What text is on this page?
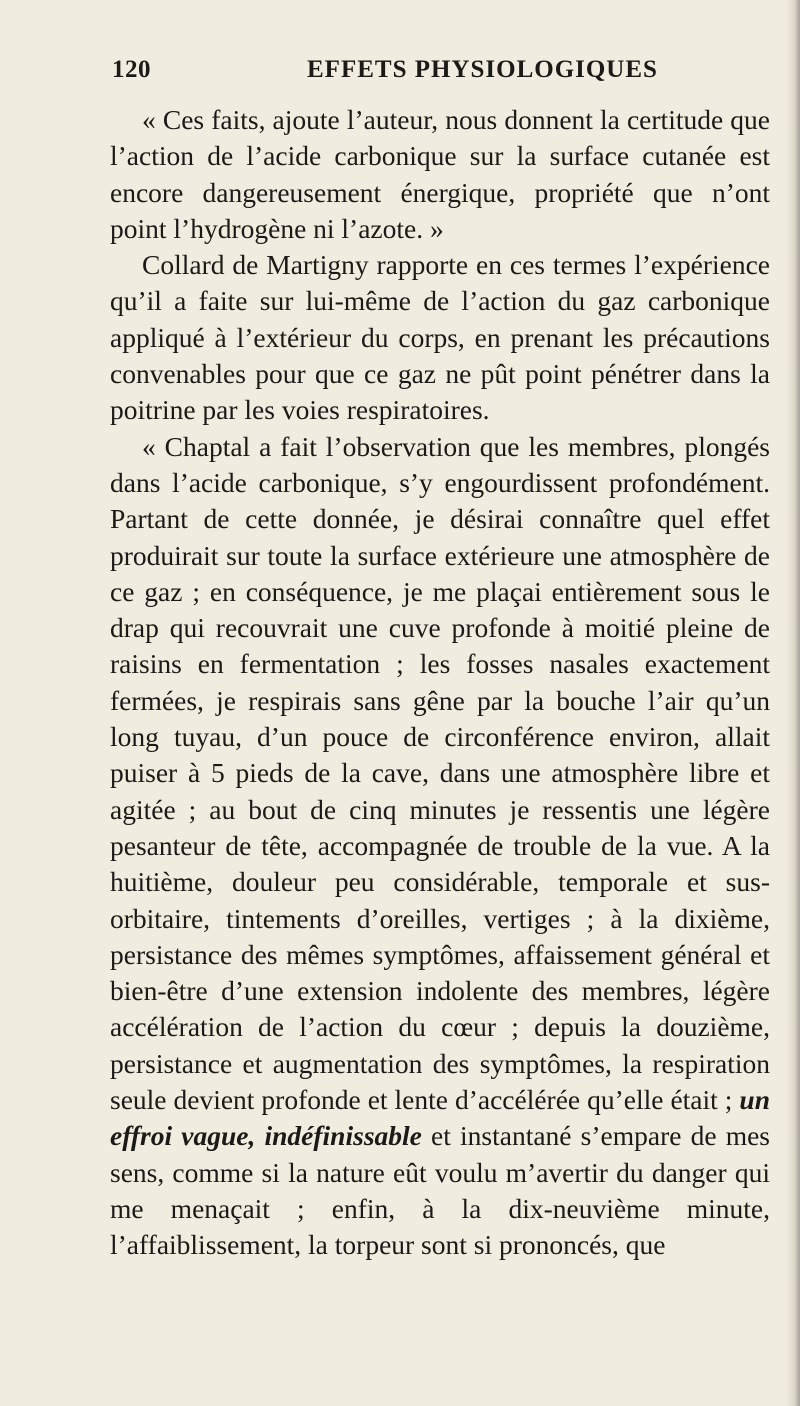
120	EFFETS PHYSIOLOGIQUES

« Ces faits, ajoute l’auteur, nous donnent la certitude que l’action de l’acide carbonique sur la surface cutanée est encore dangereusement énergique, propriété que n’ont point l’hydrogène ni l’azote. »

Collard de Martigny rapporte en ces termes l’expérience qu’il a faite sur lui-même de l’action du gaz carbonique appliqué à l’extérieur du corps, en prenant les précautions convenables pour que ce gaz ne pût point pénétrer dans la poitrine par les voies respiratoires.

« Chaptal a fait l’observation que les membres, plongés dans l’acide carbonique, s’y engourdissent profondément. Partant de cette donnée, je désirai connaître quel effet produirait sur toute la surface extérieure une atmosphère de ce gaz ; en conséquence, je me plaçai entièrement sous le drap qui recouvrait une cuve profonde à moitié pleine de raisins en fermentation ; les fosses nasales exactement fermées, je respirais sans gêne par la bouche l’air qu’un long tuyau, d’un pouce de circonférence environ, allait puiser à 5 pieds de la cave, dans une atmosphère libre et agitée ; au bout de cinq minutes je ressentis une légère pesanteur de tête, accompagnée de trouble de la vue. A la huitième, douleur peu considérable, temporale et sus-orbitaire, tintements d’oreilles, vertiges ; à la dixième, persistance des mêmes symptômes, affaissement général et bien-être d’une extension indolente des membres, légère accélération de l’action du cœur ; depuis la douzième, persistance et augmentation des symptômes, la respiration seule devient profonde et lente d’accélérée qu’elle était ; un effroi vague, indéfinissable et instantané s’empare de mes sens, comme si la nature eût voulu m’avertir du danger qui me menaçait ; enfin, à la dix-neuvième minute, l’affaiblissement, la torpeur sont si prononcés, que
